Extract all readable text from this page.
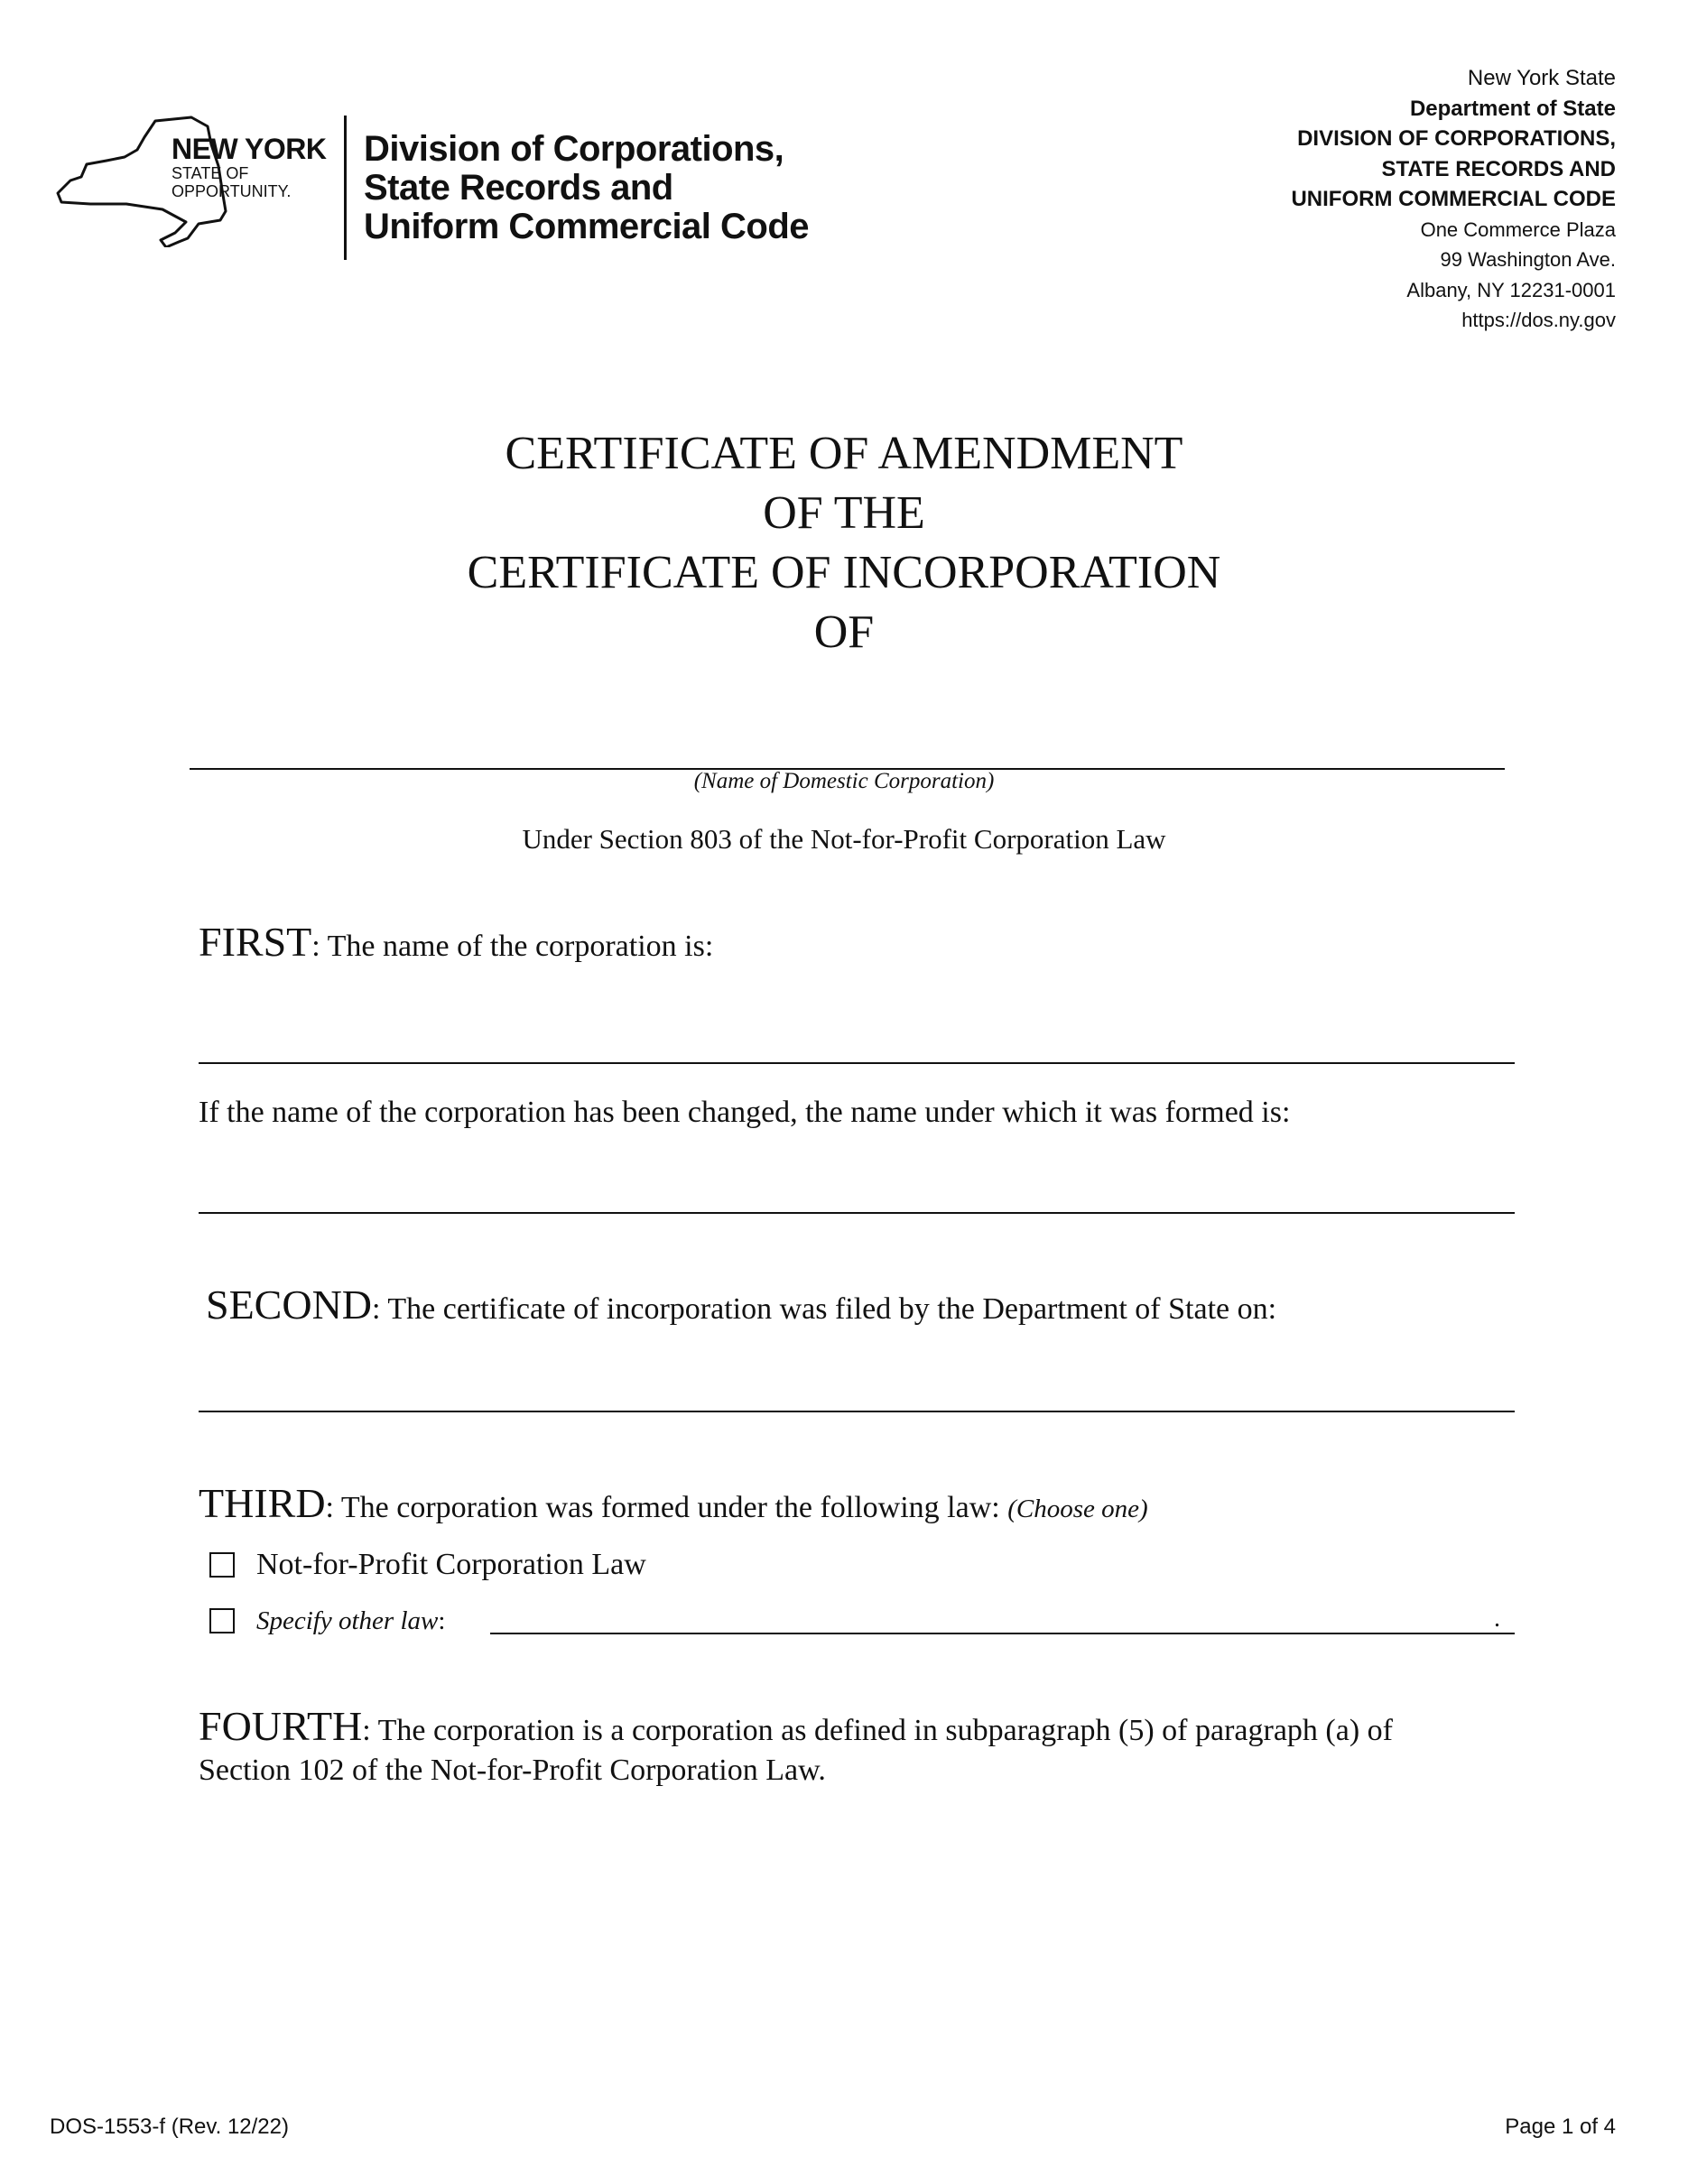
NEW YORK
STATE OF
OPPORTUNITY.
Division of Corporations,
State Records and
Uniform Commercial Code
New York State
Department of State
DIVISION OF CORPORATIONS,
STATE RECORDS AND
UNIFORM COMMERCIAL CODE
One Commerce Plaza
99 Washington Ave.
Albany, NY 12231-0001
https://dos.ny.gov
CERTIFICATE OF AMENDMENT
OF THE
CERTIFICATE OF INCORPORATION
OF
(Name of Domestic Corporation)
Under Section 803 of the Not-for-Profit Corporation Law
FIRST: The name of the corporation is:
If the name of the corporation has been changed, the name under which it was formed is:
SECOND: The certificate of incorporation was filed by the Department of State on:
THIRD: The corporation was formed under the following law: (Choose one)
Not-for-Profit Corporation Law
Specify other law :	.
FOURTH: The corporation is a corporation as defined in subparagraph (5) of paragraph (a) of
Section 102 of the Not-for-Profit Corporation Law.
DOS-1553-f (Rev. 12/22)	Page 1 of 4
